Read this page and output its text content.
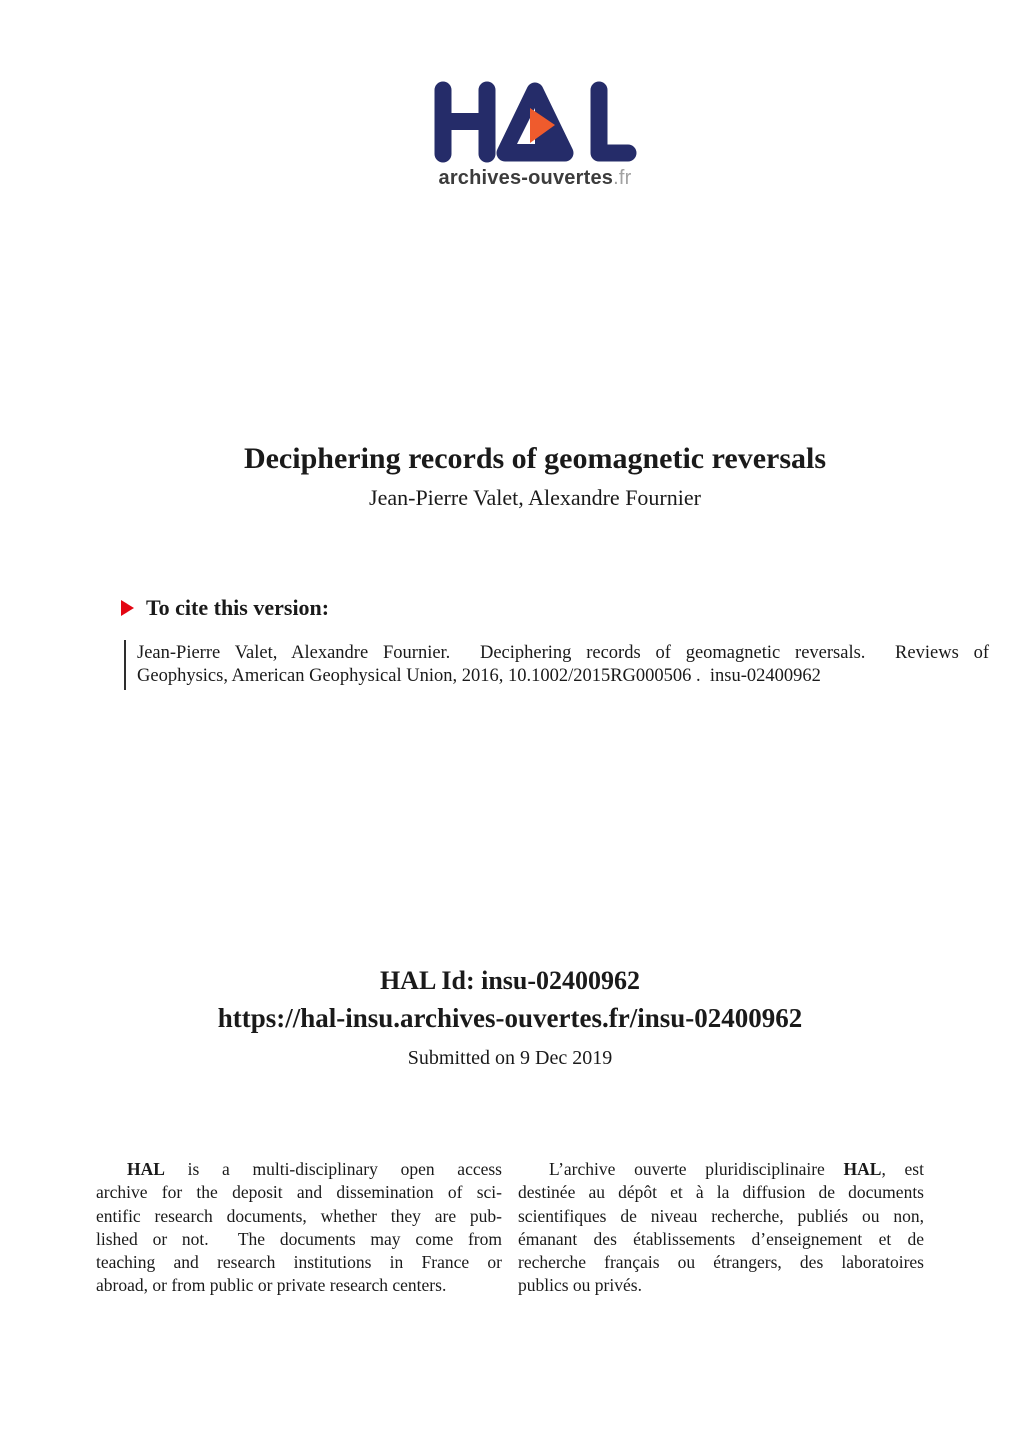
archives-ouvertes.fr
Deciphering records of geomagnetic reversals
Jean-Pierre Valet, Alexandre Fournier
To cite this version:
Jean-Pierre Valet, Alexandre Fournier.  Deciphering records of geomagnetic reversals.  Reviews of
Geophysics, American Geophysical Union, 2016, 10.1002/2015RG000506 .  insu-02400962
HAL Id: insu-02400962
https://hal-insu.archives-ouvertes.fr/insu-02400962
Submitted on 9 Dec 2019
HAL is a multi-disciplinary open access
archive for the deposit and dissemination of sci-
entific research documents, whether they are pub-
lished or not.  The documents may come from
teaching and research institutions in France or
abroad, or from public or private research centers.
L’archive ouverte pluridisciplinaire HAL, est
destinée au dépôt et à la diffusion de documents
scientifiques de niveau recherche, publiés ou non,
émanant des établissements d’enseignement et de
recherche français ou étrangers, des laboratoires
publics ou privés.
